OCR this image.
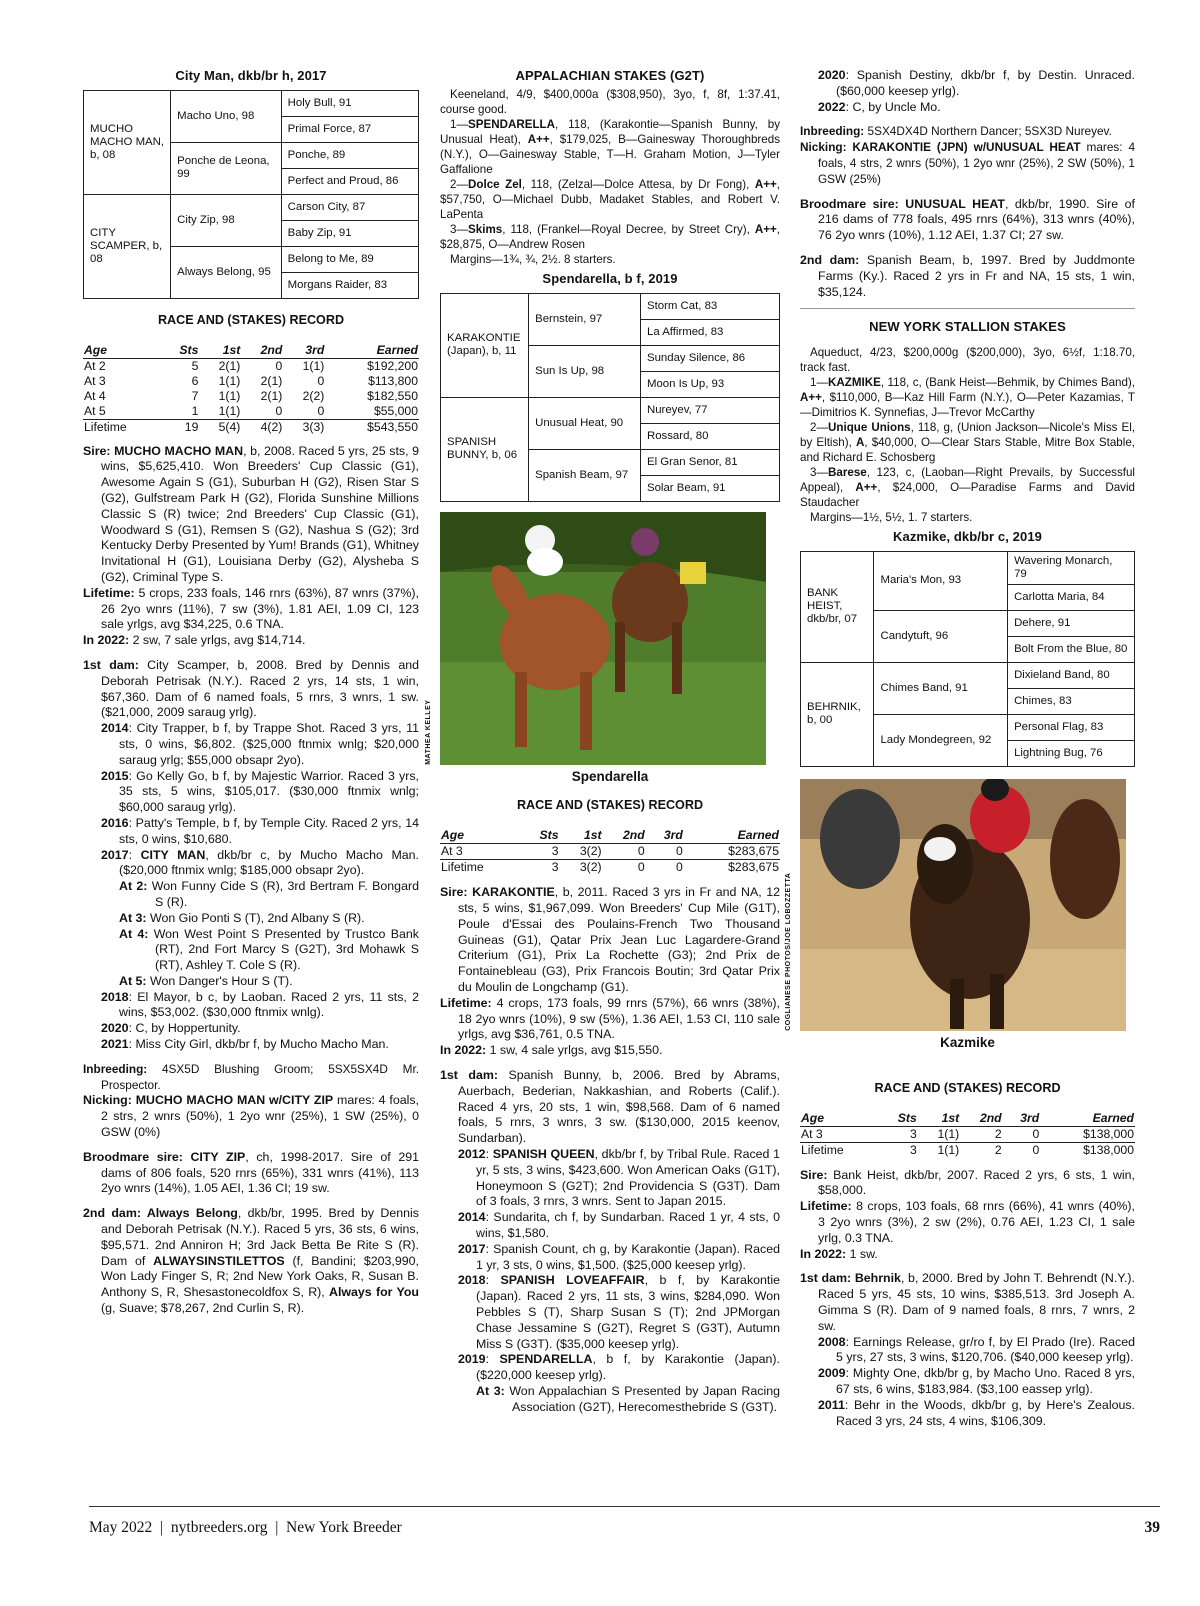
City Man, dkb/br h, 2017
MUCHO MACHO MAN, b, 08	Macho Uno, 98	Holy Bull, 91
		Primal Force, 87
	Ponche de Leona, 99	Ponche, 89
		Perfect and Proud, 86
CITY SCAMPER, b, 08	City Zip, 98	Carson City, 87
		Baby Zip, 91
	Always Belong, 95	Belong to Me, 89
		Morgans Raider, 83
RACE AND (STAKES) RECORD
Age	Sts	1st	2nd	3rd	Earned
At 2	5	2(1)	0	1(1)	$192,200
At 3	6	1(1)	2(1)	0	$113,800
At 4	7	1(1)	2(1)	2(2)	$182,550
At 5	1	1(1)	0	0	$55,000
Lifetime	19	5(4)	4(2)	3(3)	$543,550

Sire: MUCHO MACHO MAN, b, 2008. Raced 5 yrs, 25 sts, 9 wins, $5,625,410. Won Breeders' Cup Classic (G1), Awesome Again S (G1), Suburban H (G2), Risen Star S (G2), Gulfstream Park H (G2), Florida Sunshine Millions Classic S (R) twice; 2nd Breeders' Cup Classic (G1), Woodward S (G1), Remsen S (G2), Nashua S (G2); 3rd Kentucky Derby Presented by Yum! Brands (G1), Whitney Invitational H (G1), Louisiana Derby (G2), Alysheba S (G2), Criminal Type S.

Lifetime: 5 crops, 233 foals, 146 rnrs (63%), 87 wnrs (37%), 26 2yo wnrs (11%), 7 sw (3%), 1.81 AEI, 1.09 CI, 123 sale yrlgs, avg $34,225, 0.6 TNA.

In 2022: 2 sw, 7 sale yrlgs, avg $14,714.

1st dam: City Scamper, b, 2008. Bred by Dennis and Deborah Petrisak (N.Y.). Raced 2 yrs, 14 sts, 1 win, $67,360. Dam of 6 named foals, 5 rnrs, 3 wnrs, 1 sw. ($21,000, 2009 saraug yrlg).

2014: City Trapper, b f, by Trappe Shot. Raced 3 yrs, 11 sts, 0 wins, $6,802. ($25,000 ftnmix wnlg; $20,000 saraug yrlg; $55,000 obsapr 2yo).

2015: Go Kelly Go, b f, by Majestic Warrior. Raced 3 yrs, 35 sts, 5 wins, $105,017. ($30,000 ftnmix wnlg; $60,000 saraug yrlg).

2016: Patty's Temple, b f, by Temple City. Raced 2 yrs, 14 sts, 0 wins, $10,680.

2017: CITY MAN, dkb/br c, by Mucho Macho Man. ($20,000 ftnmix wnlg; $185,000 obsapr 2yo).

At 2: Won Funny Cide S (R), 3rd Bertram F. Bongard S (R).

At 3: Won Gio Ponti S (T), 2nd Albany S (R).

At 4: Won West Point S Presented by Trustco Bank (RT), 2nd Fort Marcy S (G2T), 3rd Mohawk S (RT), Ashley T. Cole S (R).

At 5: Won Danger's Hour S (T).

2018: El Mayor, b c, by Laoban. Raced 2 yrs, 11 sts, 2 wins, $53,002. ($30,000 ftnmix wnlg).

2020: C, by Hoppertunity.

2021: Miss City Girl, dkb/br f, by Mucho Macho Man.

Inbreeding: 4SX5D Blushing Groom; 5SX5SX4D Mr. Prospector.

Nicking: MUCHO MACHO MAN w/CITY ZIP mares: 4 foals, 2 strs, 2 wnrs (50%), 1 2yo wnr (25%), 1 SW (25%), 0 GSW (0%)

Broodmare sire: CITY ZIP, ch, 1998-2017. Sire of 291 dams of 806 foals, 520 rnrs (65%), 331 wnrs (41%), 113 2yo wnrs (14%), 1.05 AEI, 1.36 CI; 19 sw.

2nd dam: Always Belong, dkb/br, 1995. Bred by Dennis and Deborah Petrisak (N.Y.). Raced 5 yrs, 36 sts, 6 wins, $95,571. 2nd Anniron H; 3rd Jack Betta Be Rite S (R). Dam of ALWAYSINSTILETTOS (f, Bandini; $203,990, Won Lady Finger S, R; 2nd New York Oaks, R, Susan B. Anthony S, R, Shesastonecoldfox S, R), Always for You (g, Suave; $78,267, 2nd Curlin S, R).

APPALACHIAN STAKES (G2T)

Keeneland, 4/9, $400,000a ($308,950), 3yo, f, 8f, 1:37.41, course good.

1—SPENDARELLA, 118, (Karakontie—Spanish Bunny, by Unusual Heat), A++, $179,025, B—Gainesway Thoroughbreds (N.Y.), O—Gainesway Stable, T—H. Graham Motion, J—Tyler Gaffalione

2—Dolce Zel, 118, (Zelzal—Dolce Attesa, by Dr Fong), A++, $57,750, O—Michael Dubb, Madaket Stables, and Robert V. LaPenta

3—Skims, 118, (Frankel—Royal Decree, by Street Cry), A++, $28,875, O—Andrew Rosen

Margins—1¾, ¾, 2½. 8 starters.

Spendarella, b f, 2019
KARAKONTIE (Japan), b, 11	Bernstein, 97	Storm Cat, 83
		La Affirmed, 83
	Sun Is Up, 98	Sunday Silence, 86
		Moon Is Up, 93
SPANISH BUNNY, b, 06	Unusual Heat, 90	Nureyev, 77
		Rossard, 80
	Spanish Beam, 97	El Gran Senor, 81
		Solar Beam, 91
MATHEA KELLEY
Spendarella
RACE AND (STAKES) RECORD
Age	Sts	1st	2nd	3rd	Earned
At 3	3	3(2)	0	0	$283,675
Lifetime	3	3(2)	0	0	$283,675

Sire: KARAKONTIE, b, 2011. Raced 3 yrs in Fr and NA, 12 sts, 5 wins, $1,967,099. Won Breeders' Cup Mile (G1T), Poule d'Essai des Poulains-French Two Thousand Guineas (G1), Qatar Prix Jean Luc Lagardere-Grand Criterium (G1), Prix La Rochette (G3); 2nd Prix de Fontainebleau (G3), Prix Francois Boutin; 3rd Qatar Prix du Moulin de Longchamp (G1).

Lifetime: 4 crops, 173 foals, 99 rnrs (57%), 66 wnrs (38%), 18 2yo wnrs (10%), 9 sw (5%), 1.36 AEI, 1.53 CI, 110 sale yrlgs, avg $36,761, 0.5 TNA.

In 2022: 1 sw, 4 sale yrlgs, avg $15,550.

1st dam: Spanish Bunny, b, 2006. Bred by Abrams, Auerbach, Bederian, Nakkashian, and Roberts (Calif.). Raced 4 yrs, 20 sts, 1 win, $98,568. Dam of 6 named foals, 5 rnrs, 3 wnrs, 3 sw. ($130,000, 2015 keenov, Sundarban).

2012: SPANISH QUEEN, dkb/br f, by Tribal Rule. Raced 1 yr, 5 sts, 3 wins, $423,600. Won American Oaks (G1T), Honeymoon S (G2T); 2nd Providencia S (G3T). Dam of 3 foals, 3 rnrs, 3 wnrs. Sent to Japan 2015.

2014: Sundarita, ch f, by Sundarban. Raced 1 yr, 4 sts, 0 wins, $1,580.

2017: Spanish Count, ch g, by Karakontie (Japan). Raced 1 yr, 3 sts, 0 wins, $1,500. ($25,000 keesep yrlg).

2018: SPANISH LOVEAFFAIR, b f, by Karakontie (Japan). Raced 2 yrs, 11 sts, 3 wins, $284,090. Won Pebbles S (T), Sharp Susan S (T); 2nd JPMorgan Chase Jessamine S (G2T), Regret S (G3T), Autumn Miss S (G3T). ($35,000 keesep yrlg).

2019: SPENDARELLA, b f, by Karakontie (Japan). ($220,000 keesep yrlg).

At 3: Won Appalachian S Presented by Japan Racing Association (G2T), Herecomesthebride S (G3T).

2020: Spanish Destiny, dkb/br f, by Destin. Unraced. ($60,000 keesep yrlg).

2022: C, by Uncle Mo.

Inbreeding: 5SX4DX4D Northern Dancer; 5SX3D Nureyev.

Nicking: KARAKONTIE (JPN) w/UNUSUAL HEAT mares: 4 foals, 4 strs, 2 wnrs (50%), 1 2yo wnr (25%), 2 SW (50%), 1 GSW (25%)

Broodmare sire: UNUSUAL HEAT, dkb/br, 1990. Sire of 216 dams of 778 foals, 495 rnrs (64%), 313 wnrs (40%), 76 2yo wnrs (10%), 1.12 AEI, 1.37 CI; 27 sw.

2nd dam: Spanish Beam, b, 1997. Bred by Juddmonte Farms (Ky.). Raced 2 yrs in Fr and NA, 15 sts, 1 win, $35,124.

NEW YORK STALLION STAKES

Aqueduct, 4/23, $200,000g ($200,000), 3yo, 6½f, 1:18.70, track fast.

1—KAZMIKE, 118, c, (Bank Heist—Behmik, by Chimes Band), A++, $110,000, B—Kaz Hill Farm (N.Y.), O—Peter Kazamias, T—Dimitrios K. Synnefias, J—Trevor McCarthy

2—Unique Unions, 118, g, (Union Jackson—Nicole's Miss El, by Eltish), A, $40,000, O—Clear Stars Stable, Mitre Box Stable, and Richard E. Schosberg

3—Barese, 123, c, (Laoban—Right Prevails, by Successful Appeal), A++, $24,000, O—Paradise Farms and David Staudacher

Margins—1½, 5½, 1. 7 starters.

Kazmike, dkb/br c, 2019
BANK HEIST, dkb/br, 07	Maria's Mon, 93	Wavering Monarch, 79
		Carlotta Maria, 84
	Candytuft, 96	Dehere, 91
		Bolt From the Blue, 80
BEHRNIK, b, 00	Chimes Band, 91	Dixieland Band, 80
		Chimes, 83
	Lady Mondegreen, 92	Personal Flag, 83
		Lightning Bug, 76
COGLIANESE PHOTOS/JOE LOBOZZETTA
Kazmike
RACE AND (STAKES) RECORD
Age	Sts	1st	2nd	3rd	Earned
At 3	3	1(1)	2	0	$138,000
Lifetime	3	1(1)	2	0	$138,000

Sire: Bank Heist, dkb/br, 2007. Raced 2 yrs, 6 sts, 1 win, $58,000.

Lifetime: 8 crops, 103 foals, 68 rnrs (66%), 41 wnrs (40%), 3 2yo wnrs (3%), 2 sw (2%), 0.76 AEI, 1.23 CI, 1 sale yrlg, 0.3 TNA.

In 2022: 1 sw.

1st dam: Behrnik, b, 2000. Bred by John T. Behrendt (N.Y.). Raced 5 yrs, 45 sts, 10 wins, $385,513. 3rd Joseph A. Gimma S (R). Dam of 9 named foals, 8 rnrs, 7 wnrs, 2 sw.

2008: Earnings Release, gr/ro f, by El Prado (Ire). Raced 5 yrs, 27 sts, 3 wins, $120,706. ($40,000 keesep yrlg).

2009: Mighty One, dkb/br g, by Macho Uno. Raced 8 yrs, 67 sts, 6 wins, $183,984. ($3,100 eassep yrlg).

2011: Behr in the Woods, dkb/br g, by Here's Zealous. Raced 3 yrs, 24 sts, 4 wins, $106,309.

May 2022  |  nytbreeders.org  |  New York Breeder	39
